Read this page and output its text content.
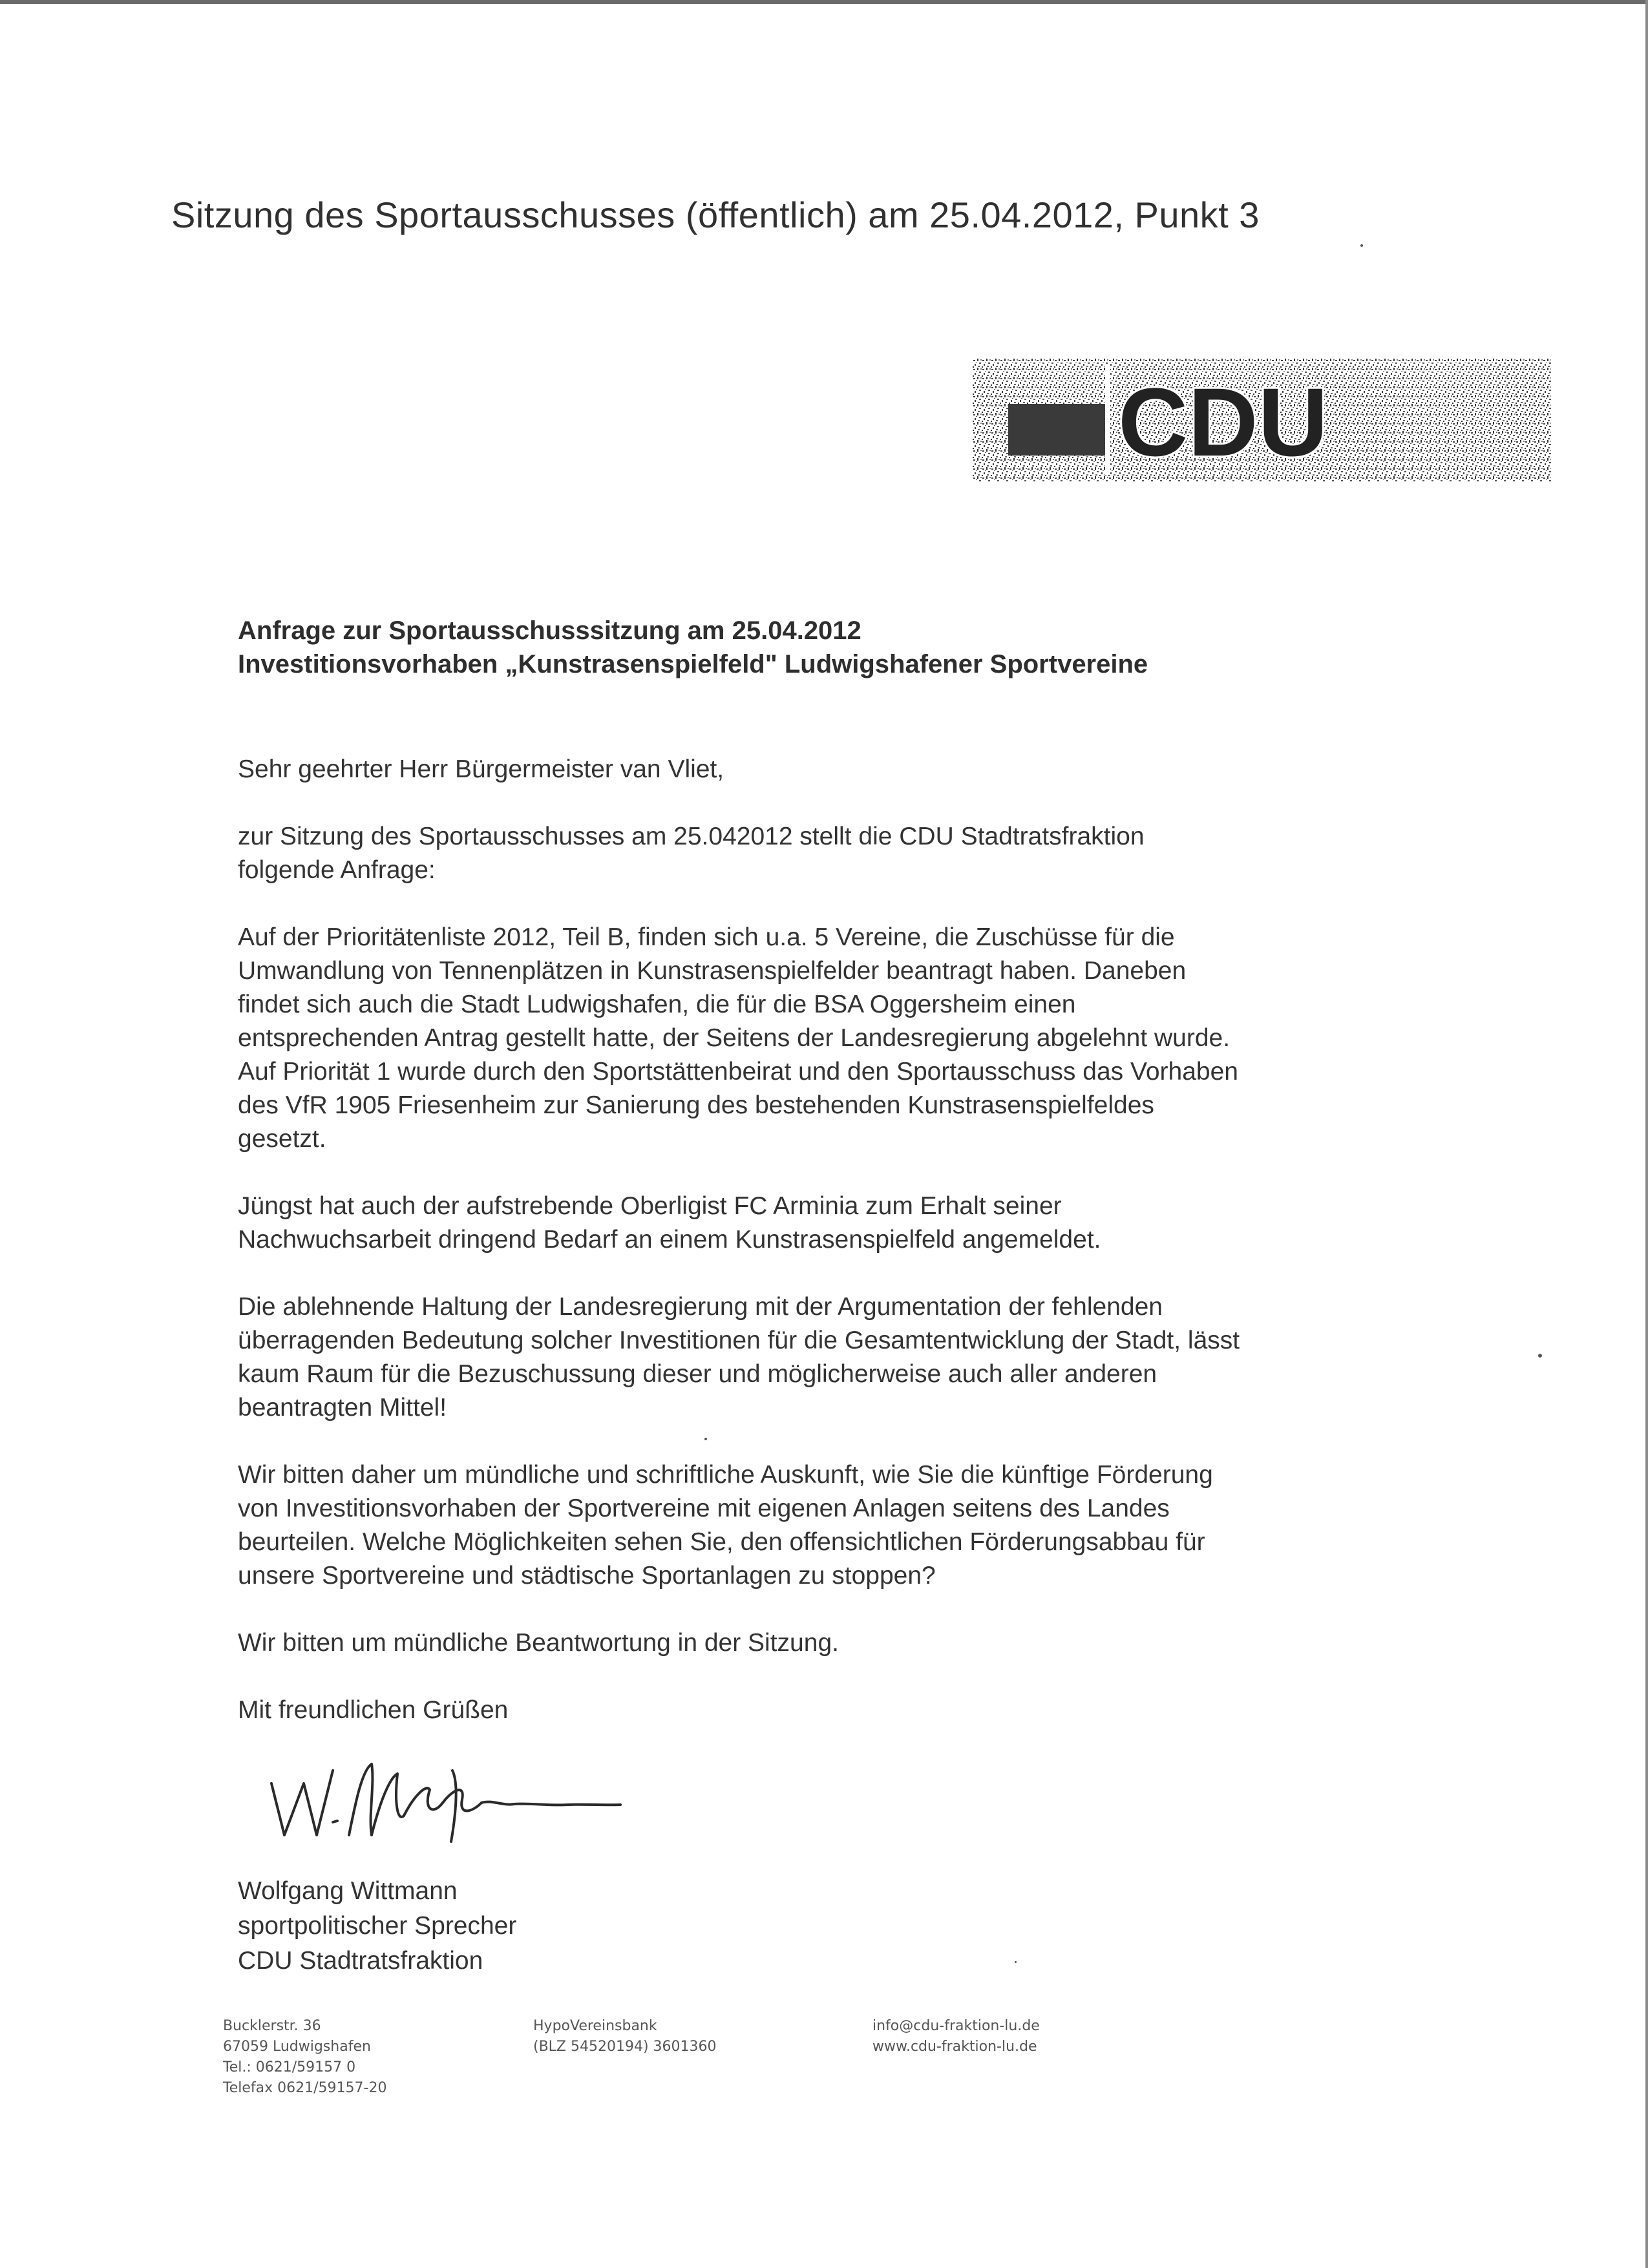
Sitzung des Sportausschusses (öffentlich) am 25.04.2012, Punkt 3
CDU
Anfrage zur Sportausschusssitzung am 25.04.2012
Investitionsvorhaben „Kunstrasenspielfeld" Ludwigshafener Sportvereine
Sehr geehrter Herr Bürgermeister van Vliet,
zur Sitzung des Sportausschusses am 25.042012 stellt die CDU Stadtratsfraktion
folgende Anfrage:
Auf der Prioritätenliste 2012, Teil B, finden sich u.a. 5 Vereine, die Zuschüsse für die
Umwandlung von Tennenplätzen in Kunstrasenspielfelder beantragt haben. Daneben
findet sich auch die Stadt Ludwigshafen, die für die BSA Oggersheim einen
entsprechenden Antrag gestellt hatte, der Seitens der Landesregierung abgelehnt wurde.
Auf Priorität 1 wurde durch den Sportstättenbeirat und den Sportausschuss das Vorhaben
des VfR 1905 Friesenheim zur Sanierung des bestehenden Kunstrasenspielfeldes
gesetzt.
Jüngst hat auch der aufstrebende Oberligist FC Arminia zum Erhalt seiner
Nachwuchsarbeit dringend Bedarf an einem Kunstrasenspielfeld angemeldet.
Die ablehnende Haltung der Landesregierung mit der Argumentation der fehlenden
überragenden Bedeutung solcher Investitionen für die Gesamtentwicklung der Stadt, lässt
kaum Raum für die Bezuschussung dieser und möglicherweise auch aller anderen
beantragten Mittel!
Wir bitten daher um mündliche und schriftliche Auskunft, wie Sie die künftige Förderung
von Investitionsvorhaben der Sportvereine mit eigenen Anlagen seitens des Landes
beurteilen. Welche Möglichkeiten sehen Sie, den offensichtlichen Förderungsabbau für
unsere Sportvereine und städtische Sportanlagen zu stoppen?
Wir bitten um mündliche Beantwortung in der Sitzung.
Mit freundlichen Grüßen
Wolfgang Wittmann
sportpolitischer Sprecher
CDU Stadtratsfraktion
Bucklerstr. 36
67059 Ludwigshafen
Tel.: 0621/59157 0
Telefax 0621/59157-20
HypoVereinsbank
(BLZ 54520194) 3601360
info@cdu-fraktion-lu.de
www.cdu-fraktion-lu.de
